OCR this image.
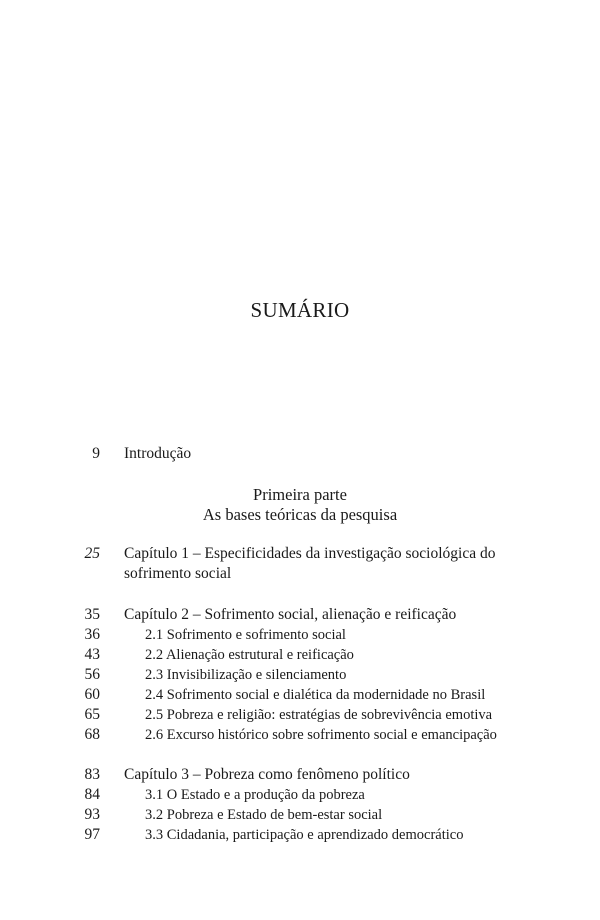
SUMÁRIO
9 Introdução
Primeira parte
As bases teóricas da pesquisa
25 Capítulo 1 – Especificidades da investigação sociológica do sofrimento social
35 Capítulo 2 – Sofrimento social, alienação e reificação
36	2.1 Sofrimento e sofrimento social
43	2.2 Alienação estrutural e reificação
56	2.3 Invisibilização e silenciamento
60	2.4 Sofrimento social e dialética da modernidade no Brasil
65	2.5 Pobreza e religião: estratégias de sobrevivência emotiva
68	2.6 Excurso histórico sobre sofrimento social e emancipação
83 Capítulo 3 – Pobreza como fenômeno político
84	3.1 O Estado e a produção da pobreza
93	3.2 Pobreza e Estado de bem-estar social
97	3.3 Cidadania, participação e aprendizado democrático
